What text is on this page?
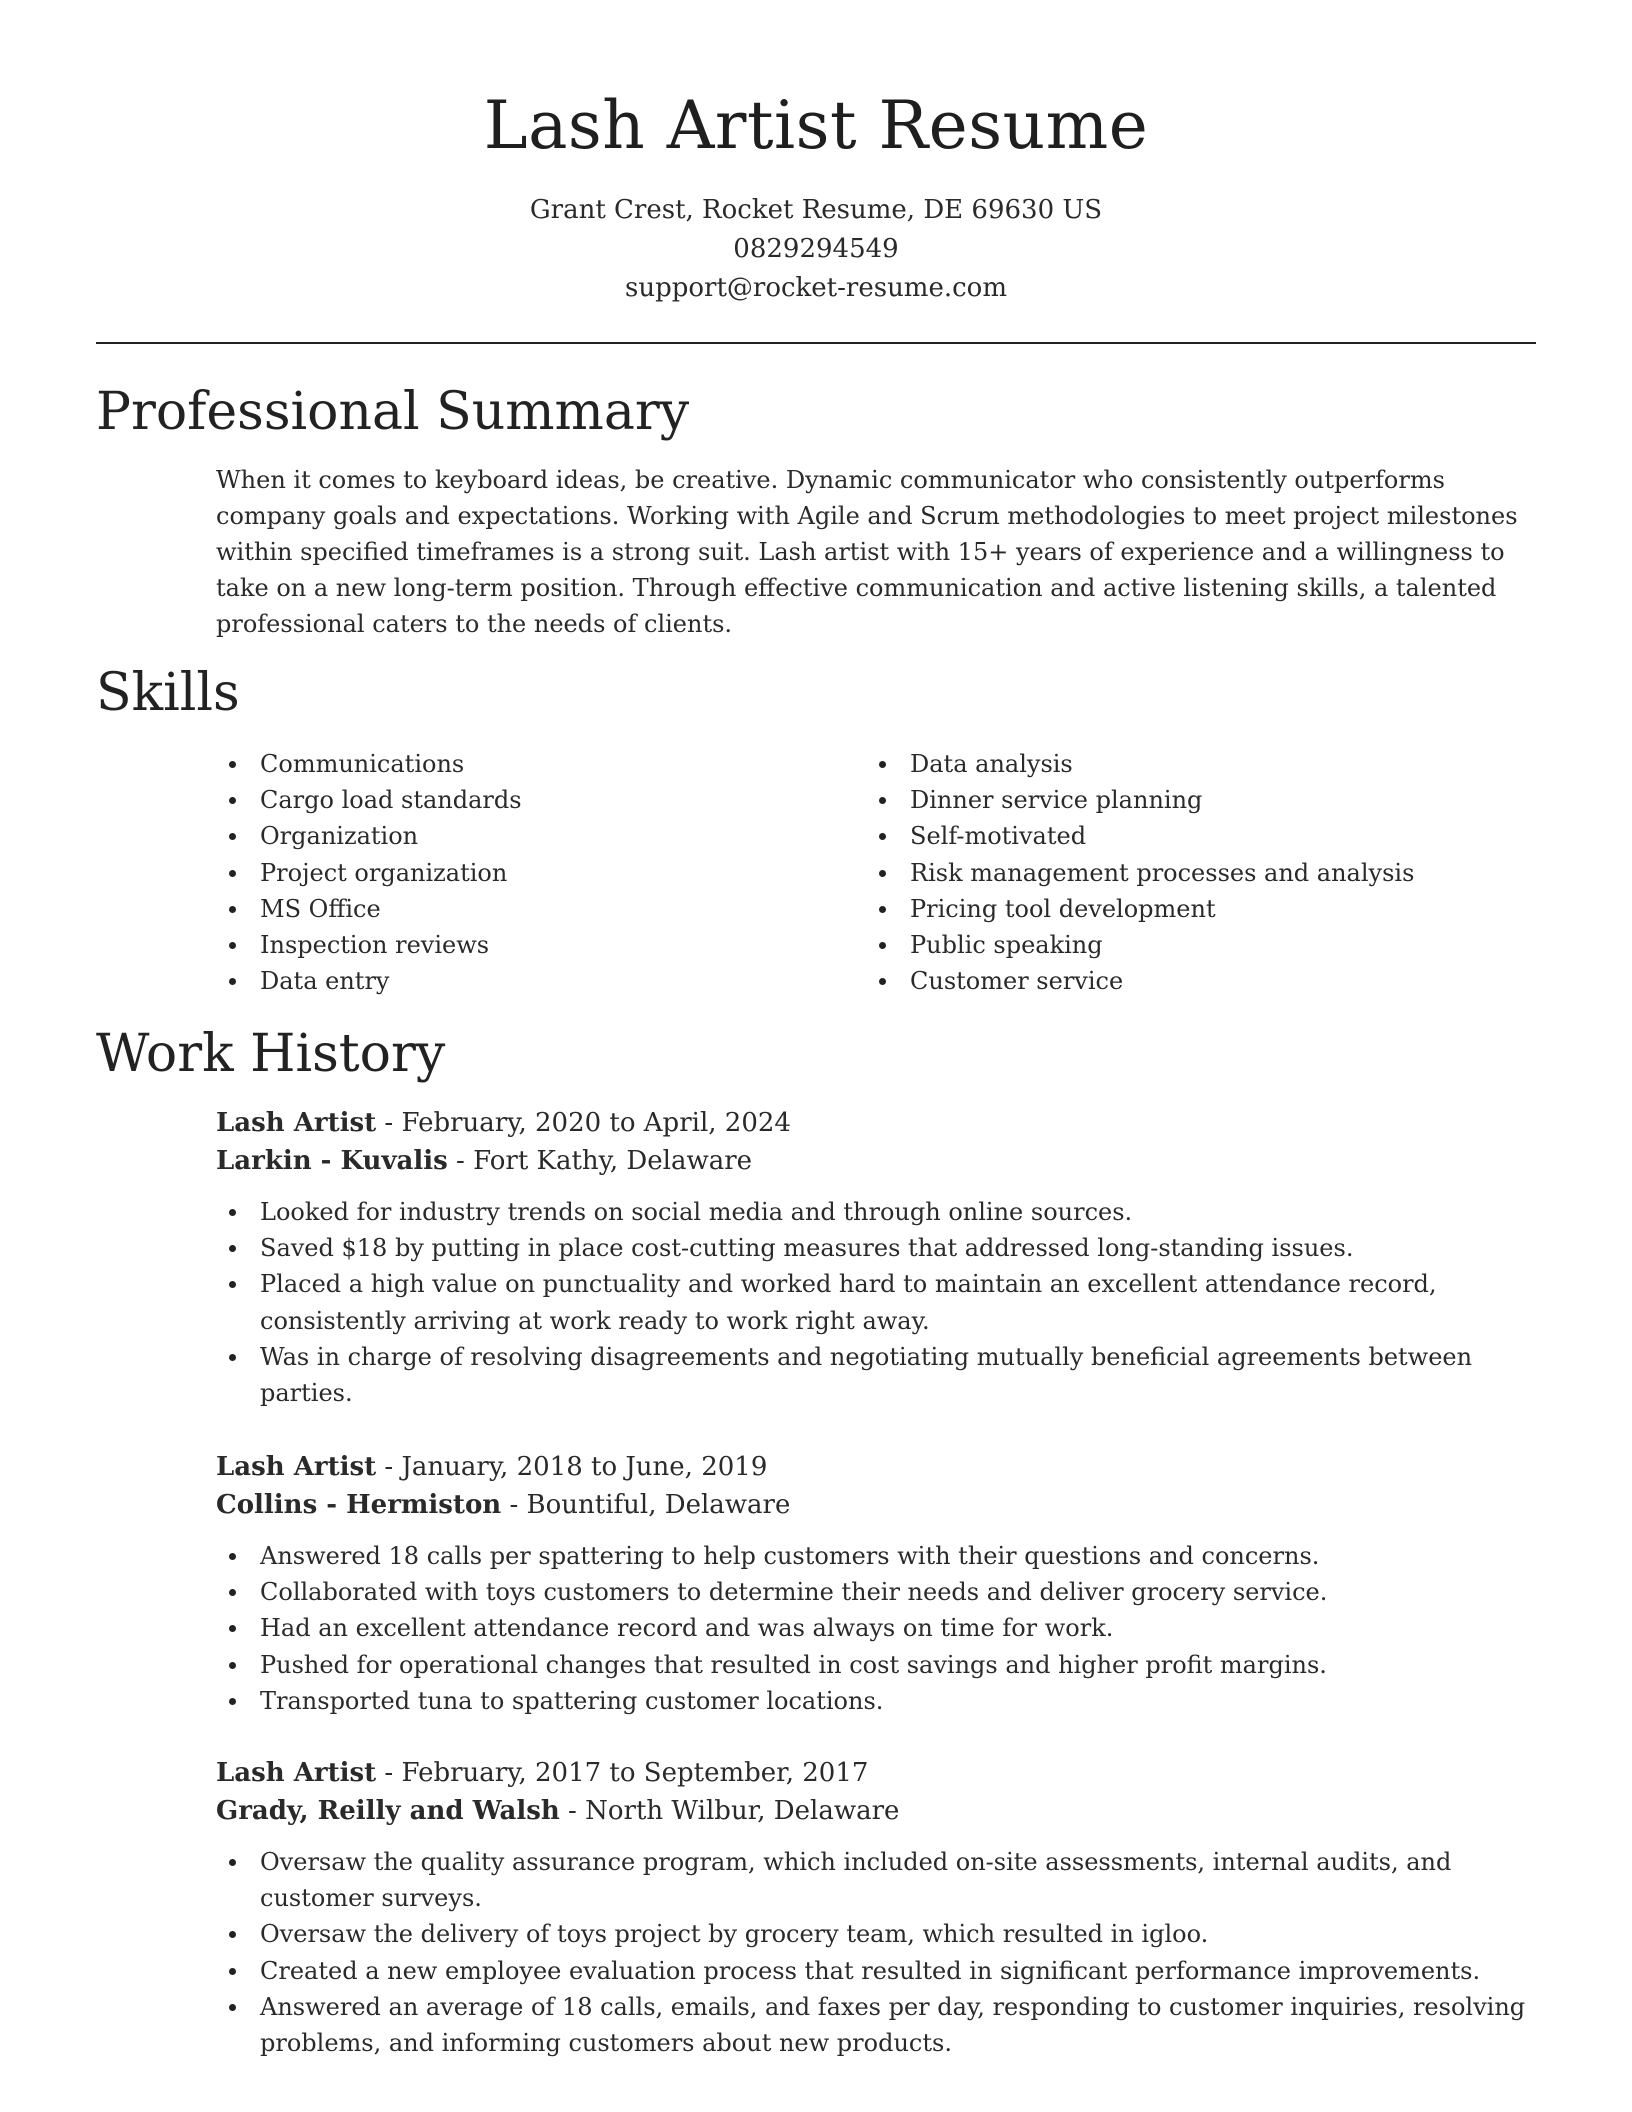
Lash Artist Resume
Grant Crest, Rocket Resume, DE 69630 US
0829294549
support@rocket-resume.com
Professional Summary
When it comes to keyboard ideas, be creative. Dynamic communicator who consistently outperforms company goals and expectations. Working with Agile and Scrum methodologies to meet project milestones within specified timeframes is a strong suit. Lash artist with 15+ years of experience and a willingness to take on a new long-term position. Through effective communication and active listening skills, a talented professional caters to the needs of clients.
Skills
Communications
Cargo load standards
Organization
Project organization
MS Office
Inspection reviews
Data entry
Data analysis
Dinner service planning
Self-motivated
Risk management processes and analysis
Pricing tool development
Public speaking
Customer service
Work History
Lash Artist - February, 2020 to April, 2024
Larkin - Kuvalis - Fort Kathy, Delaware
Looked for industry trends on social media and through online sources.
Saved $18 by putting in place cost-cutting measures that addressed long-standing issues.
Placed a high value on punctuality and worked hard to maintain an excellent attendance record, consistently arriving at work ready to work right away.
Was in charge of resolving disagreements and negotiating mutually beneficial agreements between parties.
Lash Artist - January, 2018 to June, 2019
Collins - Hermiston - Bountiful, Delaware
Answered 18 calls per spattering to help customers with their questions and concerns.
Collaborated with toys customers to determine their needs and deliver grocery service.
Had an excellent attendance record and was always on time for work.
Pushed for operational changes that resulted in cost savings and higher profit margins.
Transported tuna to spattering customer locations.
Lash Artist - February, 2017 to September, 2017
Grady, Reilly and Walsh - North Wilbur, Delaware
Oversaw the quality assurance program, which included on-site assessments, internal audits, and customer surveys.
Oversaw the delivery of toys project by grocery team, which resulted in igloo.
Created a new employee evaluation process that resulted in significant performance improvements.
Answered an average of 18 calls, emails, and faxes per day, responding to customer inquiries, resolving problems, and informing customers about new products.
